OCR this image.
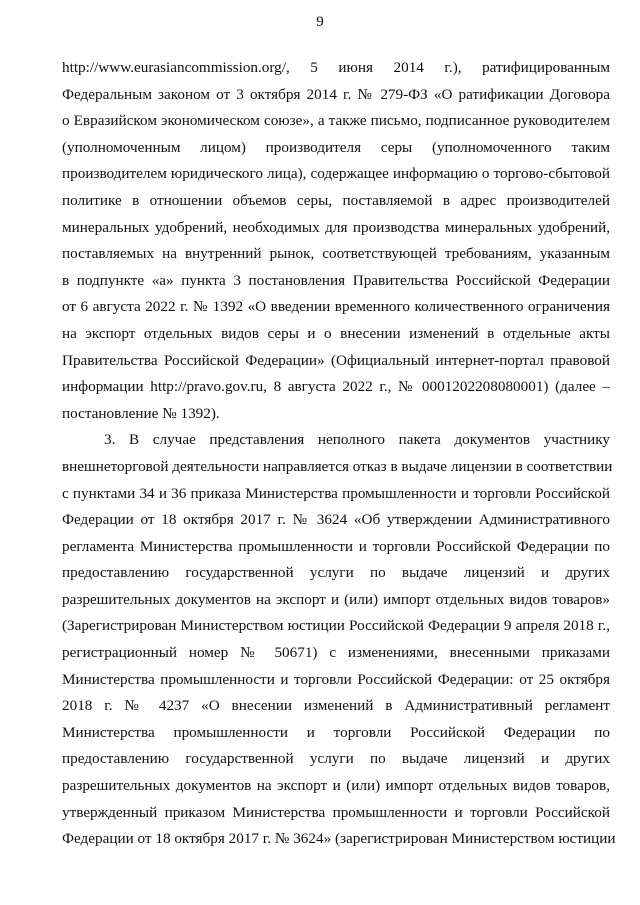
9
http://www.eurasiancommission.org/, 5 июня 2014 г.), ратифицированным
Федеральным законом от 3 октября 2014 г. № 279-ФЗ «О ратификации Договора
о Евразийском экономическом союзе», а также письмо, подписанное руководителем
(уполномоченным лицом) производителя серы (уполномоченного таким
производителем юридического лица), содержащее информацию о торгово-сбытовой
политике в отношении объемов серы, поставляемой в адрес производителей
минеральных удобрений, необходимых для производства минеральных удобрений,
поставляемых на внутренний рынок, соответствующей требованиям, указанным
в подпункте «а» пункта 3 постановления Правительства Российской Федерации
от 6 августа 2022 г. № 1392 «О введении временного количественного ограничения
на экспорт отдельных видов серы и о внесении изменений в отдельные акты
Правительства Российской Федерации» (Официальный интернет-портал правовой
информации http://pravo.gov.ru, 8 августа 2022 г., № 0001202208080001) (далее –
постановление № 1392).
3. В случае представления неполного пакета документов участнику
внешнеторговой деятельности направляется отказ в выдаче лицензии в соответствии
с пунктами 34 и 36 приказа Министерства промышленности и торговли Российской
Федерации от 18 октября 2017 г. № 3624 «Об утверждении Административного
регламента Министерства промышленности и торговли Российской Федерации по
предоставлению государственной услуги по выдаче лицензий и других
разрешительных документов на экспорт и (или) импорт отдельных видов товаров»
(Зарегистрирован Министерством юстиции Российской Федерации 9 апреля 2018 г.,
регистрационный номер № 50671) с изменениями, внесенными приказами
Министерства промышленности и торговли Российской Федерации: от 25 октября
2018 г. № 4237 «О внесении изменений в Административный регламент
Министерства промышленности и торговли Российской Федерации по
предоставлению государственной услуги по выдаче лицензий и других
разрешительных документов на экспорт и (или) импорт отдельных видов товаров,
утвержденный приказом Министерства промышленности и торговли Российской
Федерации от 18 октября 2017 г. № 3624» (зарегистрирован Министерством юстиции
